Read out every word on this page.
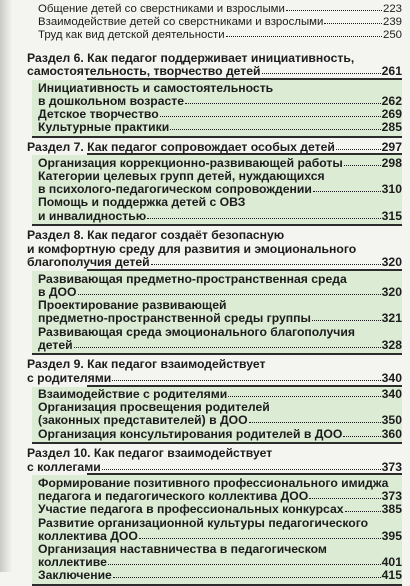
Общение детей со сверстниками и взрослыми	223
Взаимодействие детей со сверстниками и взрослыми	239
Труд как вид детской деятельности	250
Раздел 6. Как педагог поддерживает инициативность,
самостоятельность, творчество детей	261
Инициативность и самостоятельность
в дошкольном возрасте	262
Детское творчество	269
Культурные практики	285
Раздел 7. Как педагог сопровождает особых детей	297
Организация коррекционно-развивающей работы	298
Категории целевых групп детей, нуждающихся
в психолого-педагогическом сопровождении	310
Помощь и поддержка детей с ОВЗ
и инвалидностью	315
Раздел 8. Как педагог создаёт безопасную
и комфортную среду для развития и эмоционального
благополучия детей	320
Развивающая предметно-пространственная среда
в ДОО	320
Проектирование развивающей
предметно-пространственной среды группы	321
Развивающая среда эмоционального благополучия
детей	328
Раздел 9. Как педагог взаимодействует
с родителями	340
Взаимодействие с родителями	340
Организация просвещения родителей
(законных представителей) в ДОО	350
Организация консультирования родителей в ДОО	360
Раздел 10. Как педагог взаимодействует
с коллегами	373
Формирование позитивного профессионального имиджа
педагога и педагогического коллектива ДОО	373
Участие педагога в профессиональных конкурсах	385
Развитие организационной культуры педагогического
коллектива ДОО	395
Организация наставничества в педагогическом
коллективе	401
Заключение	415
